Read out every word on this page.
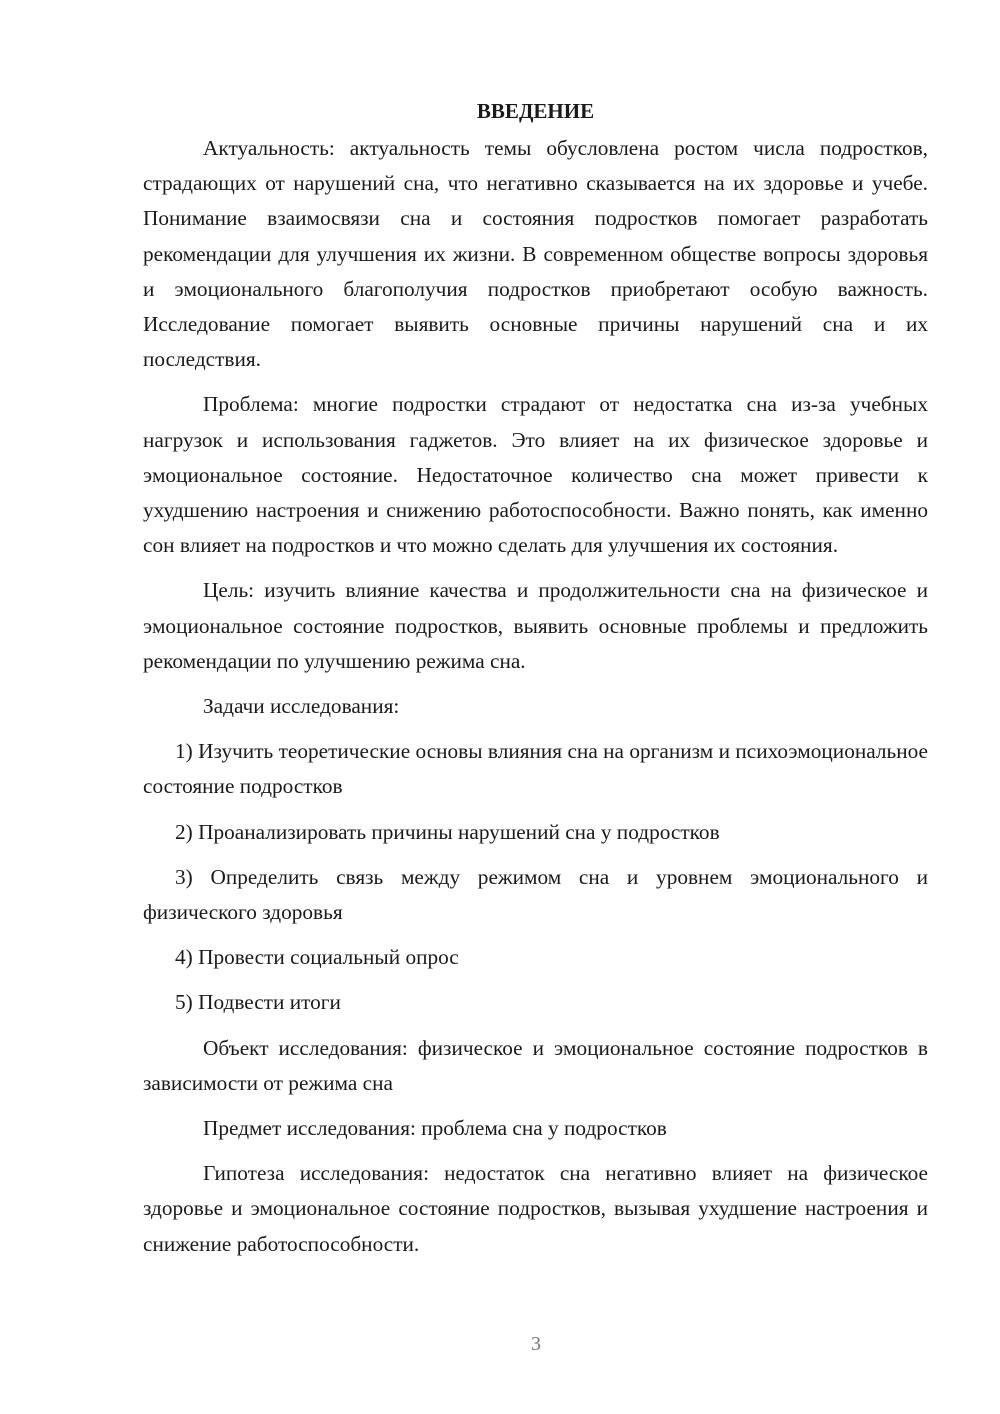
ВВЕДЕНИЕ

Актуальность: актуальность темы обусловлена ростом числа подростков, страдающих от нарушений сна, что негативно сказывается на их здоровье и учебе. Понимание взаимосвязи сна и состояния подростков помогает разработать рекомендации для улучшения их жизни. В современном обществе вопросы здоровья и эмоционального благополучия подростков приобретают особую важность. Исследование помогает выявить основные причины нарушений сна и их последствия.

Проблема: многие подростки страдают от недостатка сна из-за учебных нагрузок и использования гаджетов. Это влияет на их физическое здоровье и эмоциональное состояние. Недостаточное количество сна может привести к ухудшению настроения и снижению работоспособности. Важно понять, как именно сон влияет на подростков и что можно сделать для улучшения их состояния.

Цель: изучить влияние качества и продолжительности сна на физическое и эмоциональное состояние подростков, выявить основные проблемы и предложить рекомендации по улучшению режима сна.

Задачи исследования:

1) Изучить теоретические основы влияния сна на организм и психоэмоциональное состояние подростков

2) Проанализировать причины нарушений сна у подростков

3) Определить связь между режимом сна и уровнем эмоционального и физического здоровья

4) Провести социальный опрос

5) Подвести итоги

Объект исследования: физическое и эмоциональное состояние подростков в зависимости от режима сна

Предмет исследования: проблема сна у подростков

Гипотеза исследования: недостаток сна негативно влияет на физическое здоровье и эмоциональное состояние подростков, вызывая ухудшение настроения и снижение работоспособности.

3
